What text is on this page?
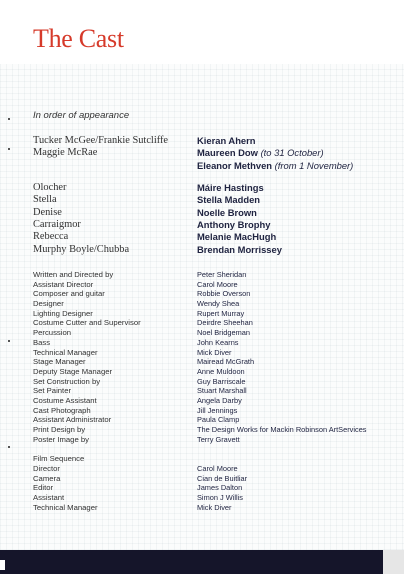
The Cast
In order of appearance
Tucker McGee/Frankie Sutcliffe	Kieran Ahern
Maggie McRae	Maureen Dow (to 31 October)
Eleanor Methven (from 1 November)
Olocher	Máire Hastings
Stella	Stella Madden
Denise	Noelle Brown
Carraigmor	Anthony Brophy
Rebecca	Melanie MacHugh
Murphy Boyle/Chubba	Brendan Morrissey
Written and Directed by	Peter Sheridan
Assistant Director	Carol Moore
Composer and guitar	Robbie Overson
Designer	Wendy Shea
Lighting Designer	Rupert Murray
Costume Cutter and Supervisor	Deirdre Sheehan
Percussion	Noel Bridgeman
Bass	John Kearns
Technical Manager	Mick Diver
Stage Manager	Mairead McGrath
Deputy Stage Manager	Anne Muldoon
Set Construction by	Guy Barriscale
Set Painter	Stuart Marshall
Costume Assistant	Angela Darby
Cast Photograph	Jill Jennings
Assistant Administrator	Paula Clamp
Print Design by	The Design Works for Mackin Robinson ArtServices
Poster Image by	Terry Gravett
Film Sequence
Director	Carol Moore
Camera	Cian de Buitliar
Editor	James Dalton
Assistant	Simon J Willis
Technical Manager	Mick Diver
